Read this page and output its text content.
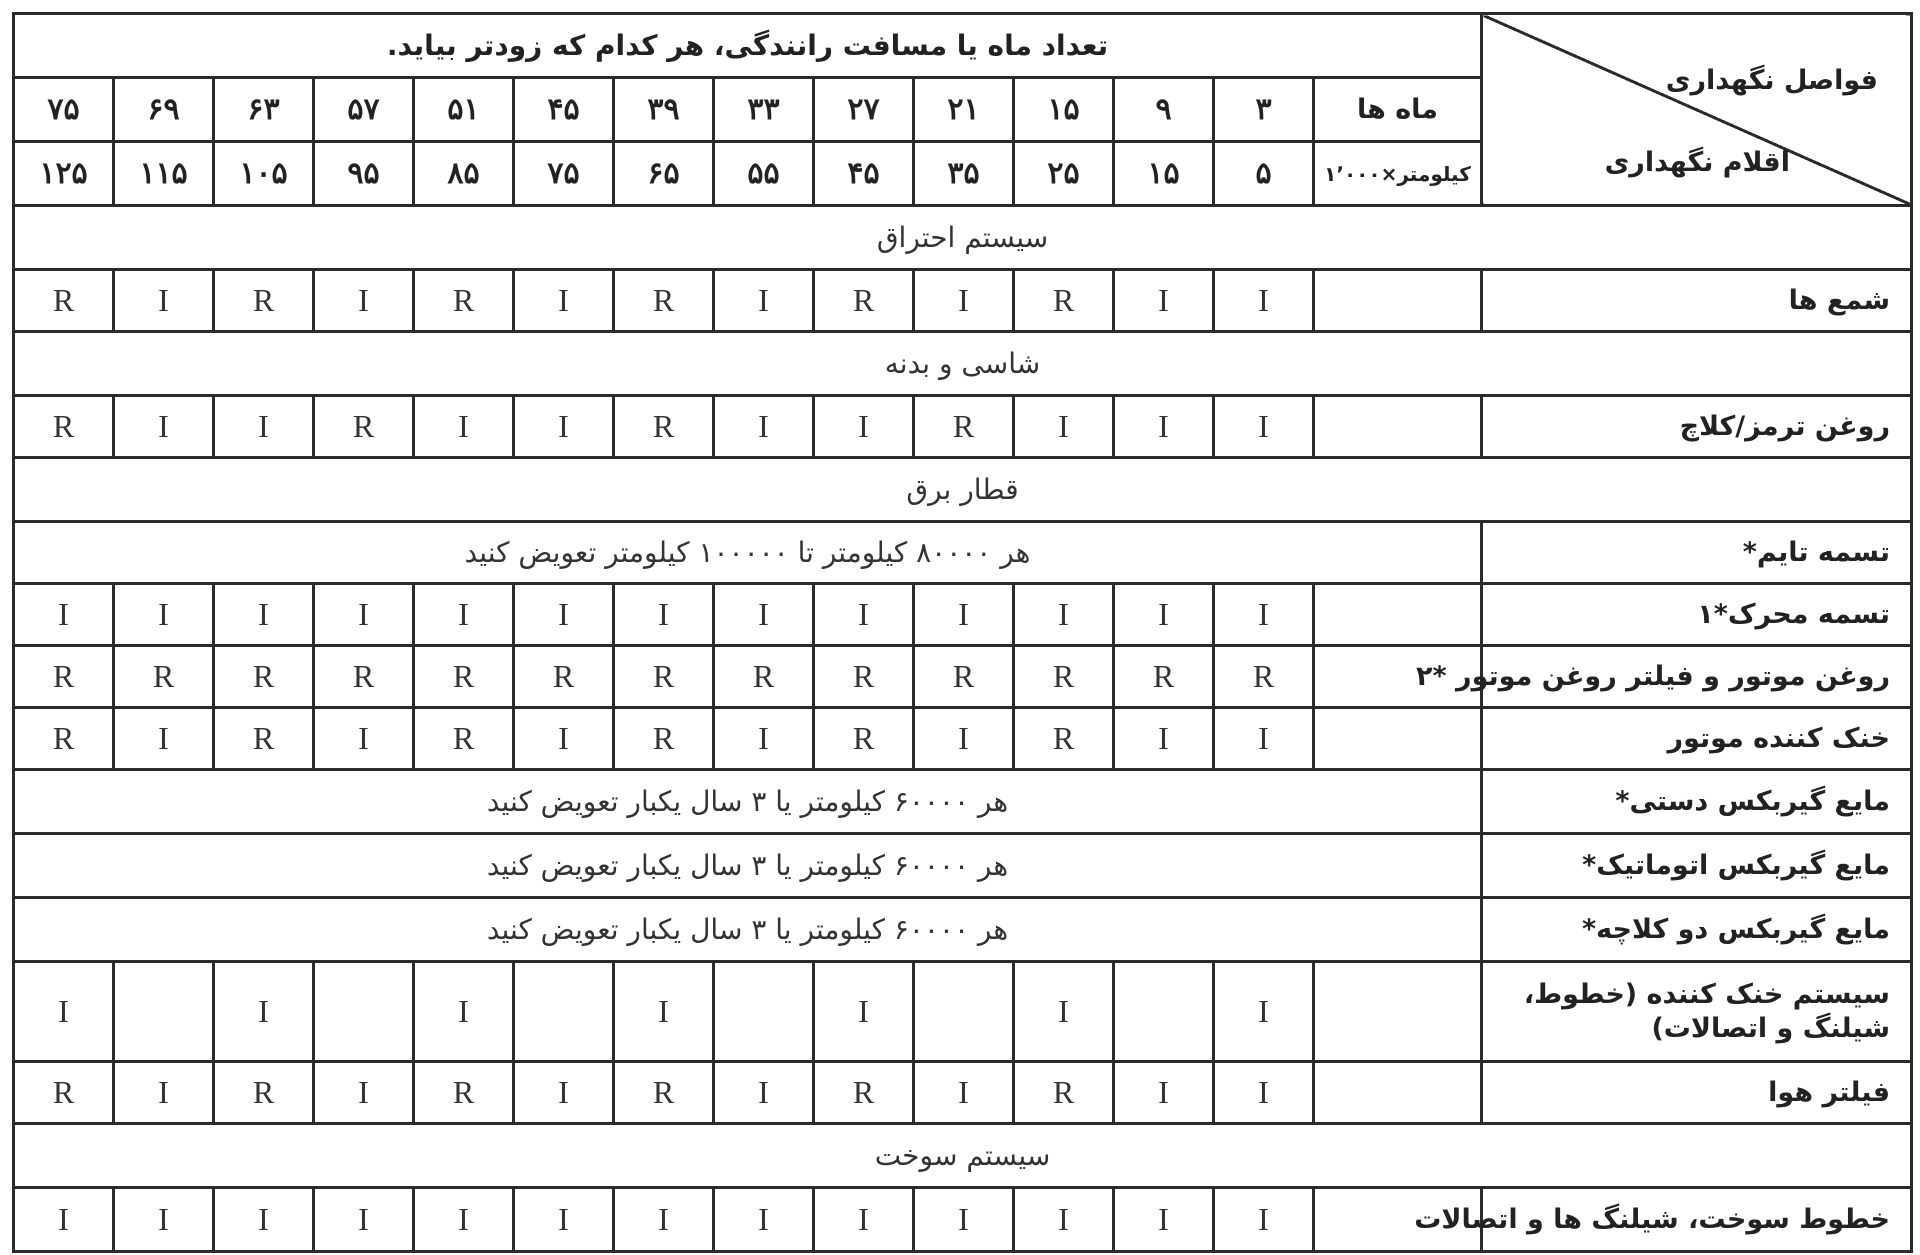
فواصل نگهداری
اقلام نگهداری	تعداد ماه یا مسافت رانندگی، هر کدام که زودتر بیاید.													
	ماه ها	۳	۹	۱۵	۲۱	۲۷	۳۳	۳۹	۴۵	۵۱	۵۷	۶۳	۶۹	۷۵
	کیلومتر×۱٬۰۰۰	۵	۱۵	۲۵	۳۵	۴۵	۵۵	۶۵	۷۵	۸۵	۹۵	۱۰۵	۱۱۵	۱۲۵
سیستم احتراق														
شمع ها		I	I	R	I	R	I	R	I	R	I	R	I	R
شاسی و بدنه														
روغن ترمز/کلاچ		I	I	I	R	I	I	R	I	I	R	I	I	R
قطار برق														
تسمه تایم*	هر ۸۰۰۰۰ کیلومتر تا ۱۰۰۰۰۰ کیلومتر تعویض کنید													
تسمه محرک*۱		I	I	I	I	I	I	I	I	I	I	I	I	I
روغن موتور و فیلتر روغن موتور *۲		R	R	R	R	R	R	R	R	R	R	R	R	R
خنک کننده موتور		I	I	R	I	R	I	R	I	R	I	R	I	R
مایع گیربکس دستی*	هر ۶۰۰۰۰ کیلومتر یا ۳ سال یکبار تعویض کنید													
مایع گیربکس اتوماتیک*	هر ۶۰۰۰۰ کیلومتر یا ۳ سال یکبار تعویض کنید													
مایع گیربکس دو کلاچه*	هر ۶۰۰۰۰ کیلومتر یا ۳ سال یکبار تعویض کنید													
سیستم خنک کننده (خطوط، شیلنگ و اتصالات)		I		I		I		I		I		I		I
فیلتر هوا		I	I	R	I	R	I	R	I	R	I	R	I	R
سیستم سوخت														
خطوط سوخت، شیلنگ ها و اتصالات		I	I	I	I	I	I	I	I	I	I	I	I	I
